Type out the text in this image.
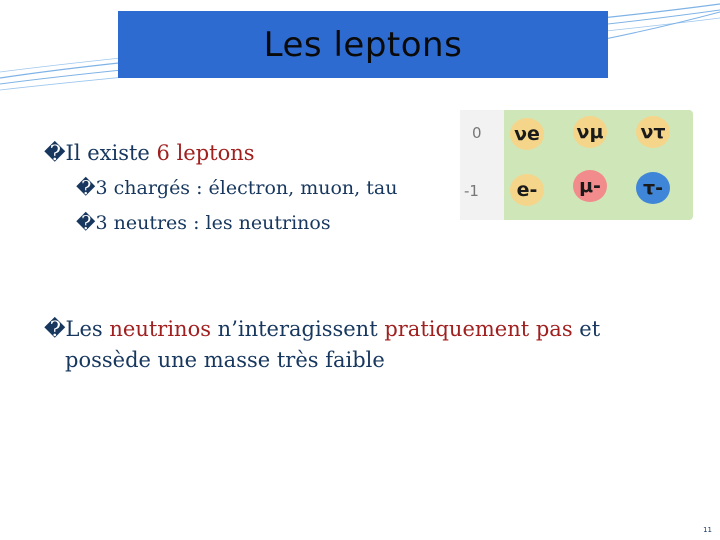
Les leptons
�Il existe 6 leptons
�3 chargés : électron, muon, tau
�3 neutres : les neutrinos
�Les neutrinos n’interagissent pratiquement pas et
possède une masse très faible
0
-1
νe νμ ντ
e-	μ-	τ-
11
